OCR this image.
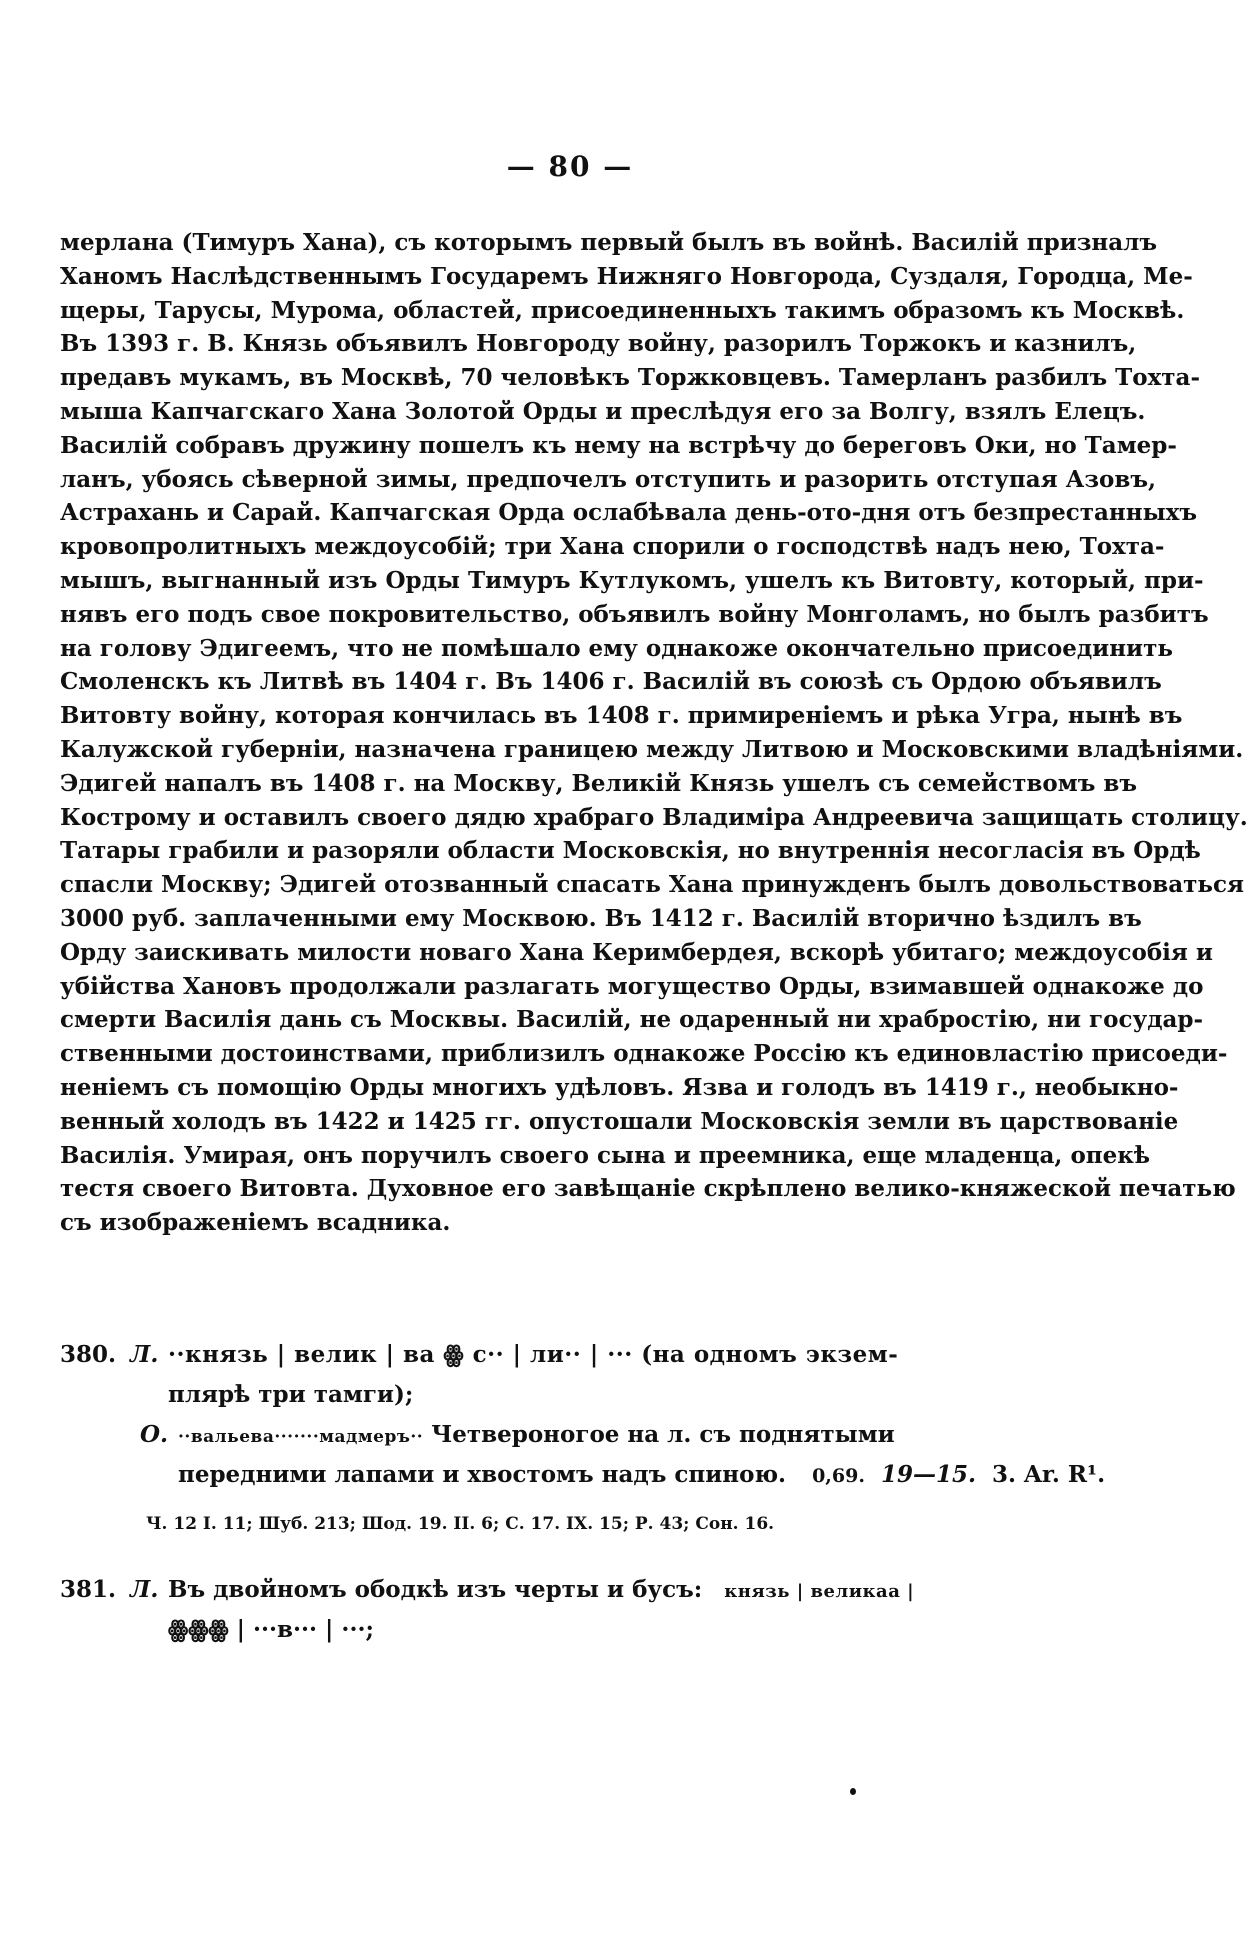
— 80 —
мерлана (Тимуръ Хана), съ которымъ первый былъ въ войнѣ. Василій призналъ
Ханомъ Наслѣдственнымъ Государемъ Нижняго Новгорода, Суздаля, Городца, Ме-
щеры, Тарусы, Мурома, областей, присоединенныхъ такимъ образомъ къ Москвѣ.
Въ 1393 г. В. Князь объявилъ Новгороду войну, разорилъ Торжокъ и казнилъ,
предавъ мукамъ, въ Москвѣ, 70 человѣкъ Торжковцевъ. Тамерланъ разбилъ Тохта-
мыша Капчагскаго Хана Золотой Орды и преслѣдуя его за Волгу, взялъ Елецъ.
Василій собравъ дружину пошелъ къ нему на встрѣчу до береговъ Оки, но Тамер-
ланъ, убоясь сѣверной зимы, предпочелъ отступить и разорить отступая Азовъ,
Астрахань и Сарай. Капчагская Орда ослабѣвала день-ото-дня отъ безпрестанныхъ
кровопролитныхъ междоусобій; три Хана спорили о господствѣ надъ нею, Тохта-
мышъ, выгнанный изъ Орды Тимуръ Кутлукомъ, ушелъ къ Витовту, который, при-
нявъ его подъ свое покровительство, объявилъ войну Монголамъ, но былъ разбитъ
на голову Эдигеемъ, что не помѣшало ему однакоже окончательно присоединить
Смоленскъ къ Литвѣ въ 1404 г. Въ 1406 г. Василій въ союзѣ съ Ордою объявилъ
Витовту войну, которая кончилась въ 1408 г. примиреніемъ и рѣка Угра, нынѣ въ
Калужской губерніи, назначена границею между Литвою и Московскими владѣніями.
Эдигей напалъ въ 1408 г. на Москву, Великій Князь ушелъ съ семействомъ въ
Кострому и оставилъ своего дядю храбраго Владиміра Андреевича защищать столицу.
Татары грабили и разоряли области Московскія, но внутреннія несогласія въ Ордѣ
спасли Москву; Эдигей отозванный спасать Хана принужденъ былъ довольствоваться
3000 руб. заплаченными ему Москвою. Въ 1412 г. Василій вторично ѣздилъ въ
Орду заискивать милости новаго Хана Керимбердея, вскорѣ убитаго; междоусобія и
убійства Хановъ продолжали разлагать могущество Орды, взимавшей однакоже до
смерти Василія дань съ Москвы. Василій, не одаренный ни храбростію, ни государ-
ственными достоинствами, приблизилъ однакоже Россію къ единовластію присоеди-
неніемъ съ помощію Орды многихъ удѣловъ. Язва и голодъ въ 1419 г., необыкно-
венный холодъ въ 1422 и 1425 гг. опустошали Московскія земли въ царствованіе
Василія. Умирая, онъ поручилъ своего сына и преемника, еще младенца, опекѣ
тестя своего Витовта. Духовное его завѣщаніе скрѣплено велико-княжеской печатью
съ изображеніемъ всадника.
380. Л. ··князь | велик | ва ꙮ с·· | ли·· | ··· (на одномъ экзем-
плярѣ три тамги);
О. ··вальева·······мадмеръ·· Четвероногое на л. съ поднятыми
передними лапами и хвостомъ надъ спиною. 0,69. 19—15. 3. Ar. R¹.
Ч. 12 I. 11; Шуб. 213; Шод. 19. II. 6; С. 17. IX. 15; Р. 43; Сон. 16.
381. Л. Въ двойномъ ободкѣ изъ черты и бусъ: князь | великаа |
ꙮꙮꙮ | ···в··· | ···;
